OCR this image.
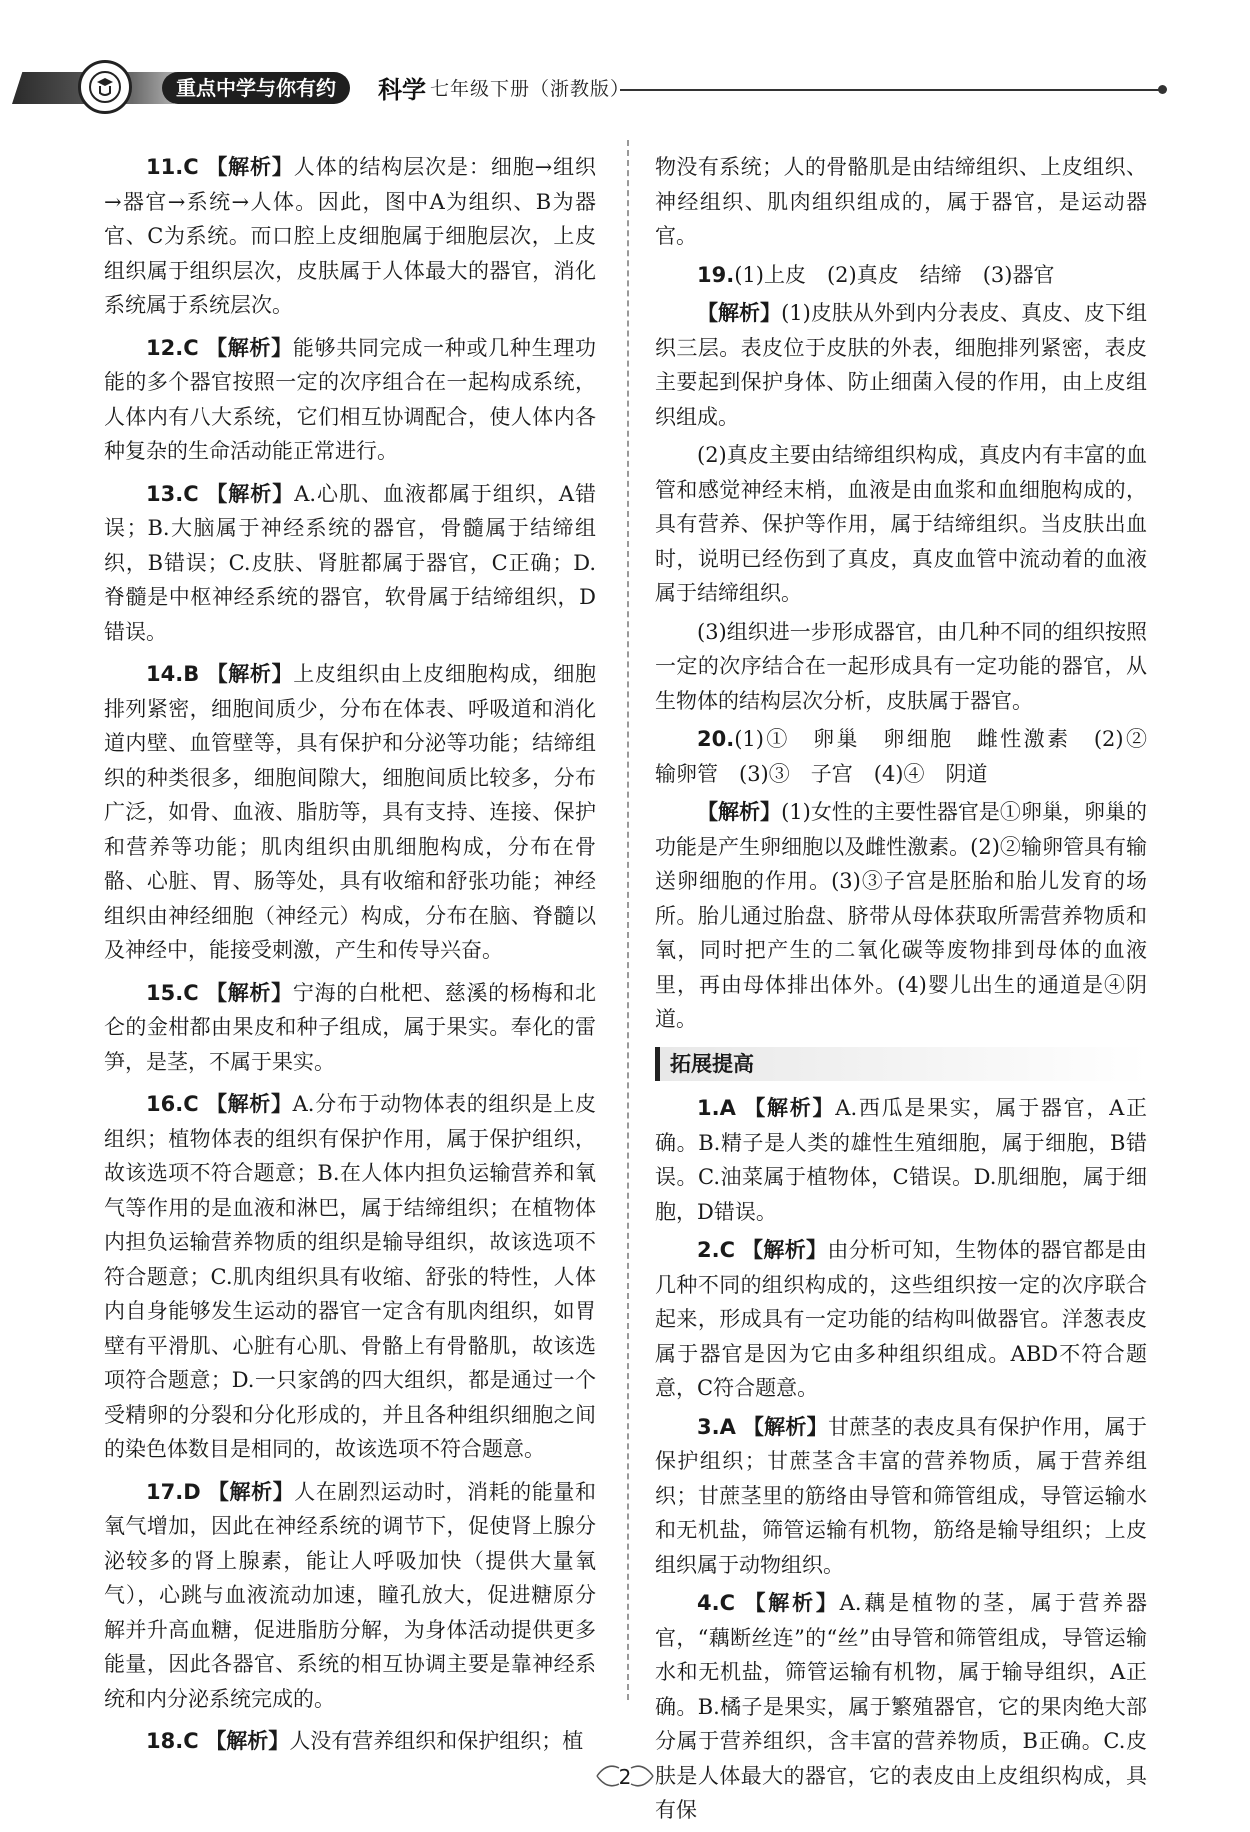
重点中学与你有约	科学 七年级下册（浙教版）

11.C 【解析】人体的结构层次是：细胞→组织→器官→系统→人体。因此，图中A为组织、B为器官、C为系统。而口腔上皮细胞属于细胞层次，上皮组织属于组织层次，皮肤属于人体最大的器官，消化系统属于系统层次。

12.C 【解析】能够共同完成一种或几种生理功能的多个器官按照一定的次序组合在一起构成系统，人体内有八大系统，它们相互协调配合，使人体内各种复杂的生命活动能正常进行。

13.C 【解析】A.心肌、血液都属于组织，A错误；B.大脑属于神经系统的器官，骨髓属于结缔组织，B错误；C.皮肤、肾脏都属于器官，C正确；D.脊髓是中枢神经系统的器官，软骨属于结缔组织，D错误。

14.B 【解析】上皮组织由上皮细胞构成，细胞排列紧密，细胞间质少，分布在体表、呼吸道和消化道内壁、血管壁等，具有保护和分泌等功能；结缔组织的种类很多，细胞间隙大，细胞间质比较多，分布广泛，如骨、血液、脂肪等，具有支持、连接、保护和营养等功能；肌肉组织由肌细胞构成，分布在骨骼、心脏、胃、肠等处，具有收缩和舒张功能；神经组织由神经细胞（神经元）构成，分布在脑、脊髓以及神经中，能接受刺激，产生和传导兴奋。

15.C 【解析】宁海的白枇杷、慈溪的杨梅和北仑的金柑都由果皮和种子组成，属于果实。奉化的雷笋，是茎，不属于果实。

16.C 【解析】A.分布于动物体表的组织是上皮组织；植物体表的组织有保护作用，属于保护组织，故该选项不符合题意；B.在人体内担负运输营养和氧气等作用的是血液和淋巴，属于结缔组织；在植物体内担负运输营养物质的组织是输导组织，故该选项不符合题意；C.肌肉组织具有收缩、舒张的特性，人体内自身能够发生运动的器官一定含有肌肉组织，如胃壁有平滑肌、心脏有心肌、骨骼上有骨骼肌，故该选项符合题意；D.一只家鸽的四大组织，都是通过一个受精卵的分裂和分化形成的，并且各种组织细胞之间的染色体数目是相同的，故该选项不符合题意。

17.D 【解析】人在剧烈运动时，消耗的能量和氧气增加，因此在神经系统的调节下，促使肾上腺分泌较多的肾上腺素，能让人呼吸加快（提供大量氧气），心跳与血液流动加速，瞳孔放大，促进糖原分解并升高血糖，促进脂肪分解，为身体活动提供更多能量，因此各器官、系统的相互协调主要是靠神经系统和内分泌系统完成的。

18.C 【解析】人没有营养组织和保护组织；植

物没有系统；人的骨骼肌是由结缔组织、上皮组织、神经组织、肌肉组织组成的，属于器官，是运动器官。

19.(1)上皮　(2)真皮　结缔　(3)器官

【解析】(1)皮肤从外到内分表皮、真皮、皮下组织三层。表皮位于皮肤的外表，细胞排列紧密，表皮主要起到保护身体、防止细菌入侵的作用，由上皮组织组成。

(2)真皮主要由结缔组织构成，真皮内有丰富的血管和感觉神经末梢，血液是由血浆和血细胞构成的，具有营养、保护等作用，属于结缔组织。当皮肤出血时，说明已经伤到了真皮，真皮血管中流动着的血液属于结缔组织。

(3)组织进一步形成器官，由几种不同的组织按照一定的次序结合在一起形成具有一定功能的器官，从生物体的结构层次分析，皮肤属于器官。

20.(1)①　卵巢　卵细胞　雌性激素　(2)②　输卵管　(3)③　子宫　(4)④　阴道

【解析】(1)女性的主要性器官是①卵巢，卵巢的功能是产生卵细胞以及雌性激素。(2)②输卵管具有输送卵细胞的作用。(3)③子宫是胚胎和胎儿发育的场所。胎儿通过胎盘、脐带从母体获取所需营养物质和氧，同时把产生的二氧化碳等废物排到母体的血液里，再由母体排出体外。(4)婴儿出生的通道是④阴道。

拓展提高

1.A 【解析】A.西瓜是果实，属于器官，A正确。B.精子是人类的雄性生殖细胞，属于细胞，B错误。C.油菜属于植物体，C错误。D.肌细胞，属于细胞，D错误。

2.C 【解析】由分析可知，生物体的器官都是由几种不同的组织构成的，这些组织按一定的次序联合起来，形成具有一定功能的结构叫做器官。洋葱表皮属于器官是因为它由多种组织组成。ABD不符合题意，C符合题意。

3.A 【解析】甘蔗茎的表皮具有保护作用，属于保护组织；甘蔗茎含丰富的营养物质，属于营养组织；甘蔗茎里的筋络由导管和筛管组成，导管运输水和无机盐，筛管运输有机物，筋络是输导组织；上皮组织属于动物组织。

4.C 【解析】A.藕是植物的茎，属于营养器官，“藕断丝连”的“丝”由导管和筛管组成，导管运输水和无机盐，筛管运输有机物，属于输导组织，A正确。B.橘子是果实，属于繁殖器官，它的果肉绝大部分属于营养组织，含丰富的营养物质，B正确。C.皮肤是人体最大的器官，它的表皮由上皮组织构成，具有保

2
